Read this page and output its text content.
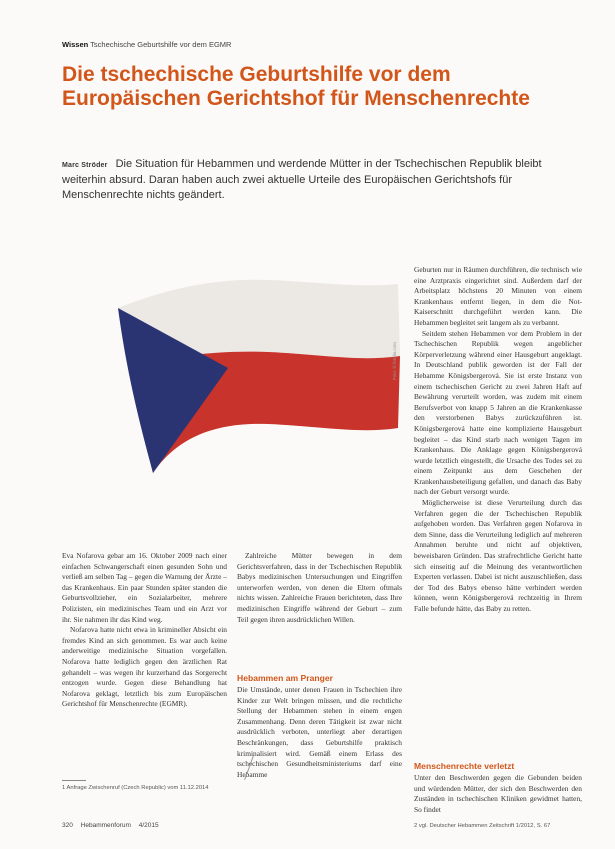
Wissen Tschechische Geburtshilfe vor dem EGMR
Die tschechische Geburtshilfe vor dem Europäischen Gerichtshof für Menschenrechte

Marc Ströder Die Situation für Hebammen und werdende Mütter in der Tschechischen Republik bleibt weiterhin absurd. Daran haben auch zwei aktuelle Urteile des Europäischen Gerichtshofs für Menschenrechte nichts geändert.

Foto: © fotolia.com

Eva Nofarova gebar am 16. Oktober 2009 nach einer einfachen Schwangerschaft einen gesunden Sohn und verließ am selben Tag – gegen die Warnung der Ärzte – das Krankenhaus. Ein paar Stunden später standen die Geburtsvollzieher, ein Sozialarbeiter, mehrere Polizisten, ein medizinisches Team und ein Arzt vor ihr. Sie nahmen ihr das Kind weg.

Nofarova hatte nicht etwa in krimineller Absicht ein fremdes Kind an sich genommen. Es war auch keine anderweitige medizinische Situation vorgefallen. Nofarova hatte lediglich gegen den ärztlichen Rat gehandelt – was wegen ihr kurzerhand das Sorgerecht entzogen wurde. Gegen diese Behandlung hat Nofarova geklagt, letztlich bis zum Europäischen Gerichtshof für Menschenrechte (EGMR).

1 Anfrage Zwischenruf (Czech Republic) vom 11.12.2014

Zahlreiche Mütter bewegen in dem Gerichtsverfahren, dass in der Tschechischen Republik Babys medizinischen Untersuchungen und Eingriffen unterworfen werden, von denen die Eltern oftmals nichts wissen. Zahlreiche Frauen berichteten, dass Ihre medizinischen Eingriffe während der Geburt – zum Teil gegen ihren ausdrücklichen Willen.

Hebammen am Pranger

Die Umstände, unter denen Frauen in Tschechien ihre Kinder zur Welt bringen müssen, und die rechtliche Stellung der Hebammen stehen in einem engen Zusammenhang. Denn deren Tätigkeit ist zwar nicht ausdrücklich verboten, unterliegt aber derartigen Beschränkungen, dass Geburtshilfe praktisch kriminalisiert wird. Gemäß einem Erlass des tschechischen Gesundheitsministeriums darf eine Hebamme

Geburten nur in Räumen durchführen, die technisch wie eine Arztpraxis eingerichtet sind. Außerdem darf der Arbeitsplatz höchstens 20 Minuten von einem Krankenhaus entfernt liegen, in dem die Not-Kaiserschnitt durchgeführt werden kann. Die Hebammen begleitet seit langem als zu verbannt.

Seitdem stehen Hebammen vor dem Problem in der Tschechischen Republik wegen angeblicher Körperverletzung während einer Hausgeburt angeklagt. In Deutschland publik geworden ist der Fall der Hebamme Königsbergerová. Sie ist erste Instanz von einem tschechischen Gericht zu zwei Jahren Haft auf Bewährung verurteilt worden, was zudem mit einem Berufsverbot von knapp 5 Jahren an die Krankenkasse den verstorbenen Babys zurückzuführen ist. Königsbergerová hatte eine komplizierte Hausgeburt begleitet – das Kind starb nach wenigen Tagen im Krankenhaus. Die Anklage gegen Königsbergerová wurde letztlich eingestellt, die Ursache des Todes sei zu einem Zeitpunkt aus dem Geschehen der Krankenhausbeteiligung gefallen, und danach das Baby nach der Geburt versorgt wurde.

Möglicherweise ist diese Verurteilung durch das Verfahren gegen die der Tschechischen Republik aufgehoben worden. Das Verfahren gegen Nofarova in dem Sinne, dass die Verurteilung lediglich auf mehreren Annahmen beruhte und nicht auf objektiven, beweisbaren Gründen. Das strafrechtliche Gericht hatte sich einseitig auf die Meinung des verantwortlichen Experten verlassen. Dabei ist nicht auszuschließen, dass der Tod des Babys ebenso hätte verhindert werden können, wenn Königsbergerová rechtzeitig in Ihrem Falle befunde hätte, das Baby zu retten.

Menschenrechte verletzt

Unter den Beschwerden gegen die Gebunden beiden und würdenden Mütter, der sich den Beschwerden den Zuständen in tschechischen Kliniken gewidmet hatten, So findet

2 vgl. Deutscher Hebammen Zeitschrift 1/2012, S. 67

320 Hebammenforum 4/2015
